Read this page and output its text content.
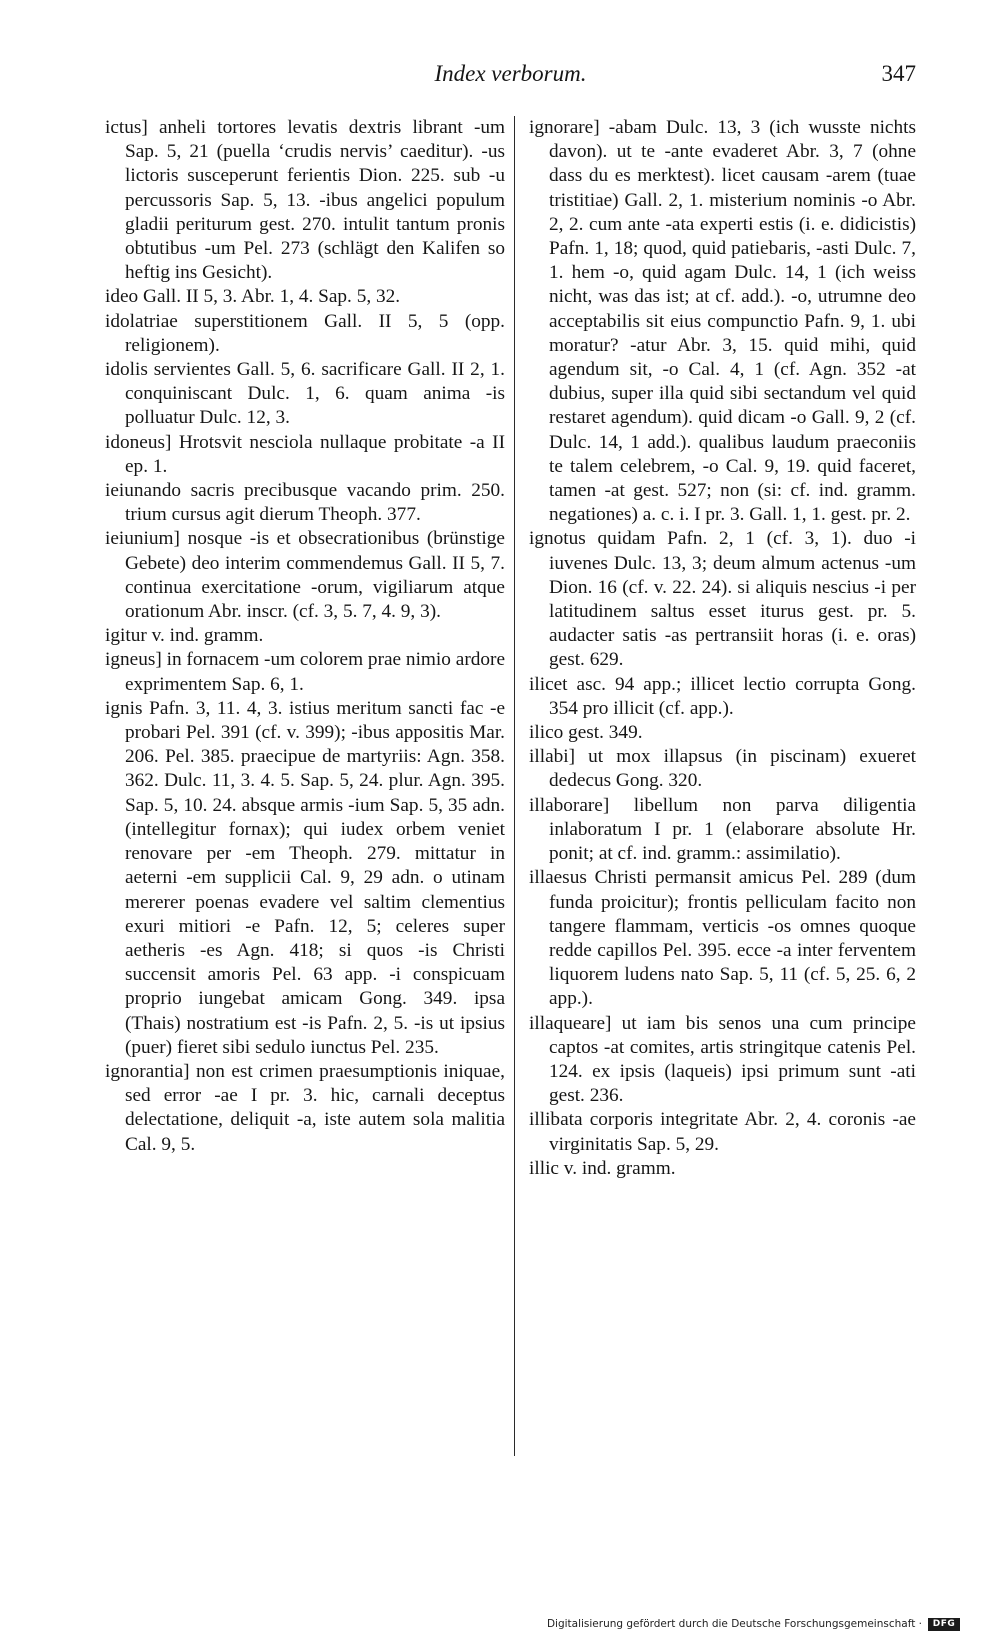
Index verborum.	347

ictus] anheli tortores levatis dextris librant -um Sap. 5, 21 (puella ‘crudis nervis’ caeditur). -us lictoris susceperunt ferientis Dion. 225. sub -u percussoris Sap. 5, 13. -ibus angelici populum gladii periturum gest. 270. intulit tantum pronis obtutibus -um Pel. 273 (schlägt den Kalifen so heftig ins Gesicht).

ideo Gall. II 5, 3. Abr. 1, 4. Sap. 5, 32.

idolatriae superstitionem Gall. II 5, 5 (opp. religionem).

idolis servientes Gall. 5, 6. sacrificare Gall. II 2, 1. conquiniscant Dulc. 1, 6. quam anima -is polluatur Dulc. 12, 3.

idoneus] Hrotsvit nesciola nullaque probitate -a II ep. 1.

ieiunando sacris precibusque vacando prim. 250. trium cursus agit dierum Theoph. 377.

ieiunium] nosque -is et obsecrationibus (brünstige Gebete) deo interim commendemus Gall. II 5, 7. continua exercitatione -orum, vigiliarum atque orationum Abr. inscr. (cf. 3, 5. 7, 4. 9, 3).

igitur v. ind. gramm.

igneus] in fornacem -um colorem prae nimio ardore exprimentem Sap. 6, 1.

ignis Pafn. 3, 11. 4, 3. istius meritum sancti fac -e probari Pel. 391 (cf. v. 399); -ibus appositis Mar. 206. Pel. 385. praecipue de martyriis: Agn. 358. 362. Dulc. 11, 3. 4. 5. Sap. 5, 24. plur. Agn. 395. Sap. 5, 10. 24. absque armis -ium Sap. 5, 35 adn. (intellegitur fornax); qui iudex orbem veniet renovare per -em Theoph. 279. mittatur in aeterni -em supplicii Cal. 9, 29 adn. o utinam mererer poenas evadere vel saltim clementius exuri mitiori -e Pafn. 12, 5; celeres super aetheris -es Agn. 418; si quos -is Christi succensit amoris Pel. 63 app. -i conspicuam proprio iungebat amicam Gong. 349. ipsa (Thais) nostratium est -is Pafn. 2, 5. -is ut ipsius (puer) fieret sibi sedulo iunctus Pel. 235.

ignorantia] non est crimen praesumptionis iniquae, sed error -ae I pr. 3. hic, carnali deceptus delectatione, deliquit -a, iste autem sola malitia Cal. 9, 5.

ignorare] -abam Dulc. 13, 3 (ich wusste nichts davon). ut te -ante evaderet Abr. 3, 7 (ohne dass du es merktest). licet causam -arem (tuae tristitiae) Gall. 2, 1. misterium nominis -o Abr. 2, 2. cum ante -ata experti estis (i. e. didicistis) Pafn. 1, 18; quod, quid patiebaris, -asti Dulc. 7, 1. hem -o, quid agam Dulc. 14, 1 (ich weiss nicht, was das ist; at cf. add.). -o, utrumne deo acceptabilis sit eius compunctio Pafn. 9, 1. ubi moratur? -atur Abr. 3, 15. quid mihi, quid agendum sit, -o Cal. 4, 1 (cf. Agn. 352 -at dubius, super illa quid sibi sectandum vel quid restaret agendum). quid dicam -o Gall. 9, 2 (cf. Dulc. 14, 1 add.). qualibus laudum praeconiis te talem celebrem, -o Cal. 9, 19. quid faceret, tamen -at gest. 527; non (si: cf. ind. gramm. negationes) a. c. i. I pr. 3. Gall. 1, 1. gest. pr. 2.

ignotus quidam Pafn. 2, 1 (cf. 3, 1). duo -i iuvenes Dulc. 13, 3; deum almum actenus -um Dion. 16 (cf. v. 22. 24). si aliquis nescius -i per latitudinem saltus esset iturus gest. pr. 5. audacter satis -as pertransiit horas (i. e. oras) gest. 629.

ilicet asc. 94 app.; illicet lectio corrupta Gong. 354 pro illicit (cf. app.).

ilico gest. 349.

illabi] ut mox illapsus (in piscinam) exueret dedecus Gong. 320.

illaborare] libellum non parva diligentia inlaboratum I pr. 1 (elaborare absolute Hr. ponit; at cf. ind. gramm.: assimilatio).

illaesus Christi permansit amicus Pel. 289 (dum funda proicitur); frontis pelliculam facito non tangere flammam, verticis -os omnes quoque redde capillos Pel. 395. ecce -a inter ferventem liquorem ludens nato Sap. 5, 11 (cf. 5, 25. 6, 2 app.).

illaqueare] ut iam bis senos una cum principe captos -at comites, artis stringitque catenis Pel. 124. ex ipsis (laqueis) ipsi primum sunt -ati gest. 236.

illibata corporis integritate Abr. 2, 4. coronis -ae virginitatis Sap. 5, 29.

illic v. ind. gramm.

Digitalisierung gefördert durch die Deutsche Forschungsgemeinschaft ·	DFG
